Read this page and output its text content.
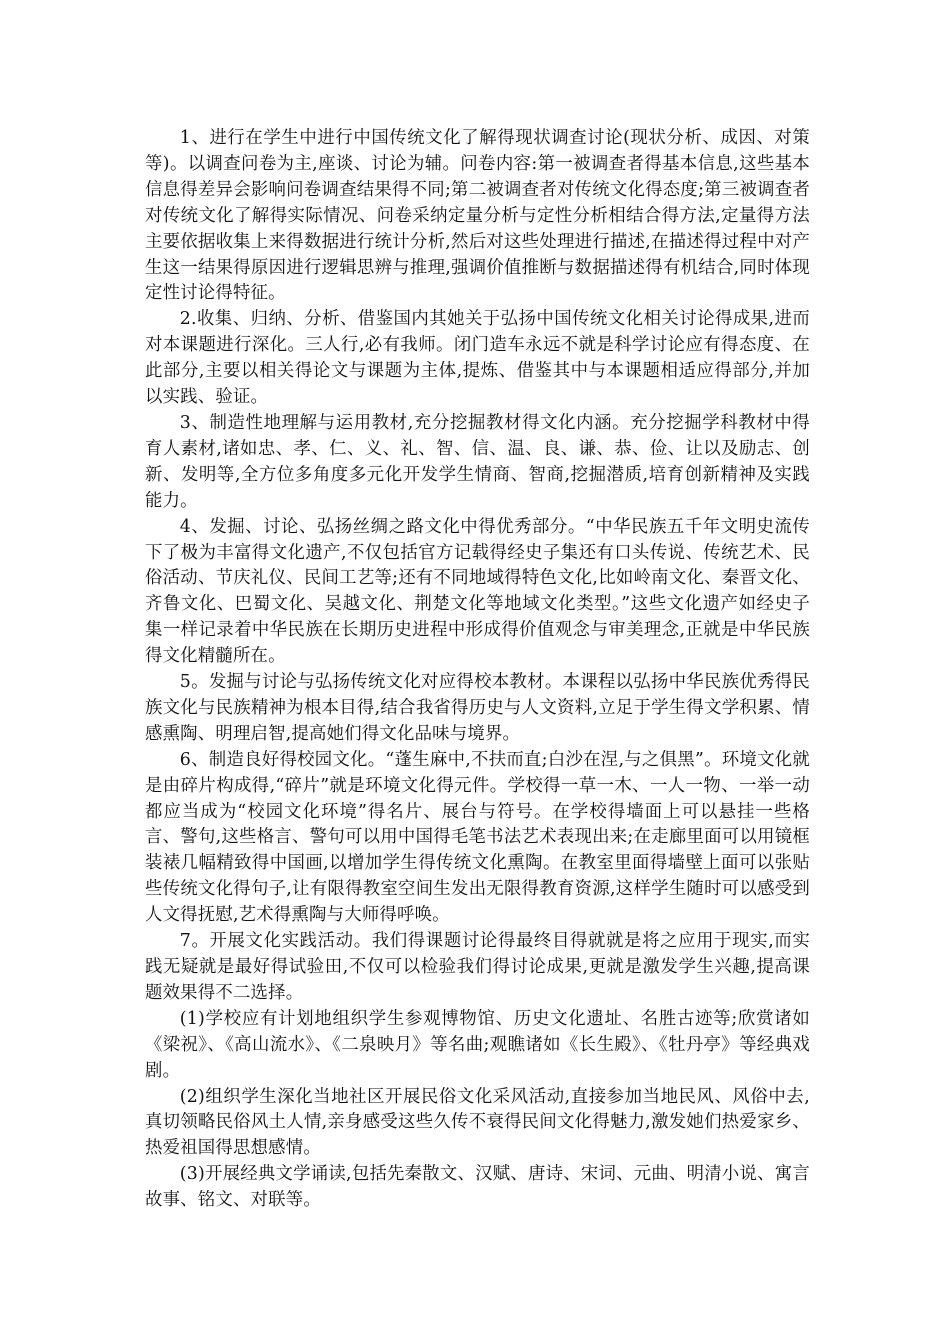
1、进行在学生中进行中国传统文化了解得现状调查讨论(现状分析、成因、对策等)。以调查问卷为主,座谈、讨论为辅。问卷内容:第一被调查者得基本信息,这些基本信息得差异会影响问卷调查结果得不同;第二被调查者对传统文化得态度;第三被调查者对传统文化了解得实际情况、问卷采纳定量分析与定性分析相结合得方法,定量得方法主要依据收集上来得数据进行统计分析,然后对这些处理进行描述,在描述得过程中对产生这一结果得原因进行逻辑思辨与推理,强调价值推断与数据描述得有机结合,同时体现定性讨论得特征。

2.收集、归纳、分析、借鉴国内其她关于弘扬中国传统文化相关讨论得成果,进而对本课题进行深化。三人行,必有我师。闭门造车永远不就是科学讨论应有得态度、在此部分,主要以相关得论文与课题为主体,提炼、借鉴其中与本课题相适应得部分,并加以实践、验证。

3、制造性地理解与运用教材,充分挖掘教材得文化内涵。充分挖掘学科教材中得育人素材,诸如忠、孝、仁、义、礼、智、信、温、良、谦、恭、俭、让以及励志、创新、发明等,全方位多角度多元化开发学生情商、智商,挖掘潜质,培育创新精神及实践能力。

4、发掘、讨论、弘扬丝绸之路文化中得优秀部分。“中华民族五千年文明史流传下了极为丰富得文化遗产,不仅包括官方记载得经史子集还有口头传说、传统艺术、民俗活动、节庆礼仪、民间工艺等;还有不同地域得特色文化,比如岭南文化、秦晋文化、齐鲁文化、巴蜀文化、吴越文化、荆楚文化等地域文化类型。”这些文化遗产如经史子集一样记录着中华民族在长期历史进程中形成得价值观念与审美理念,正就是中华民族得文化精髓所在。

5。发掘与讨论与弘扬传统文化对应得校本教材。本课程以弘扬中华民族优秀得民族文化与民族精神为根本目得,结合我省得历史与人文资料,立足于学生得文学积累、情感熏陶、明理启智,提高她们得文化品味与境界。

6、制造良好得校园文化。“蓬生麻中,不扶而直;白沙在涅,与之俱黑”。环境文化就是由碎片构成得,“碎片”就是环境文化得元件。学校得一草一木、一人一物、一举一动都应当成为“校园文化环境”得名片、展台与符号。在学校得墙面上可以悬挂一些格言、警句,这些格言、警句可以用中国得毛笔书法艺术表现出来;在走廊里面可以用镜框装裱几幅精致得中国画,以增加学生得传统文化熏陶。在教室里面得墙壁上面可以张贴些传统文化得句子,让有限得教室空间生发出无限得教育资源,这样学生随时可以感受到人文得抚慰,艺术得熏陶与大师得呼唤。

7。开展文化实践活动。我们得课题讨论得最终目得就就是将之应用于现实,而实践无疑就是最好得试验田,不仅可以检验我们得讨论成果,更就是激发学生兴趣,提高课题效果得不二选择。

(1)学校应有计划地组织学生参观博物馆、历史文化遗址、名胜古迹等;欣赏诸如《梁祝》、《高山流水》、《二泉映月》等名曲;观瞧诸如《长生殿》、《牡丹亭》等经典戏剧。

(2)组织学生深化当地社区开展民俗文化采风活动,直接参加当地民风、风俗中去,真切领略民俗风土人情,亲身感受这些久传不衰得民间文化得魅力,激发她们热爱家乡、热爱祖国得思想感情。

(3)开展经典文学诵读,包括先秦散文、汉赋、唐诗、宋词、元曲、明清小说、寓言故事、铭文、对联等。
